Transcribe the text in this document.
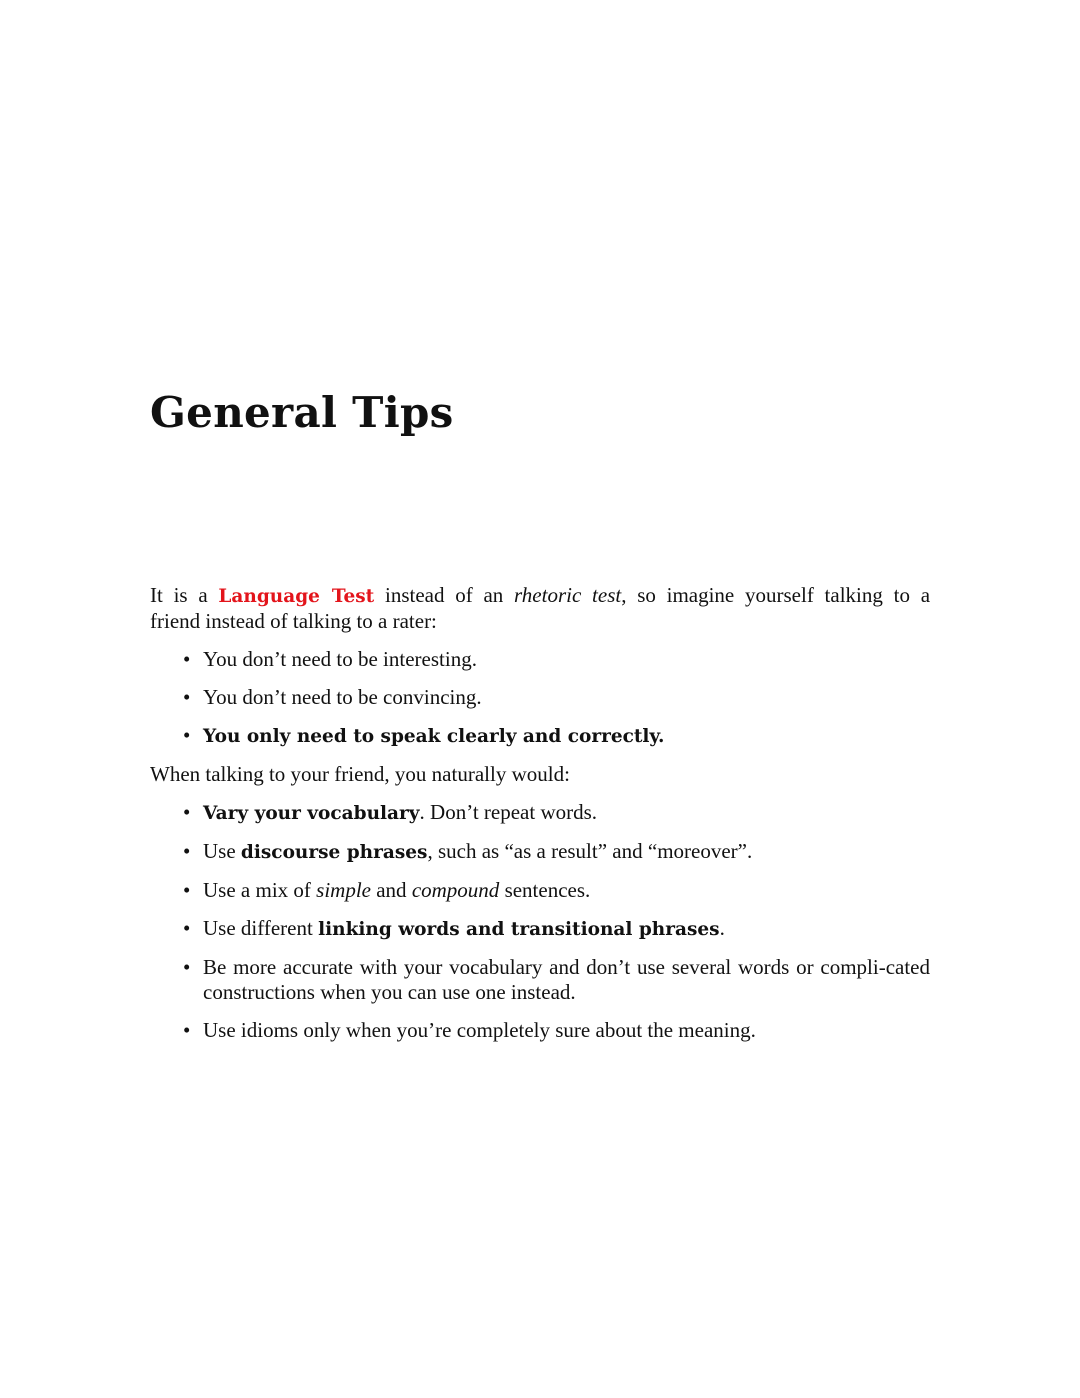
General Tips

It is a Language Test instead of an rhetoric test, so imagine yourself talking to a
friend instead of talking to a rater:

• You don’t need to be interesting.
• You don’t need to be convincing.
• You only need to speak clearly and correctly.

When talking to your friend, you naturally would:

• Vary your vocabulary. Don’t repeat words.
• Use discourse phrases, such as “as a result” and “moreover”.
• Use a mix of simple and compound sentences.
• Use different linking words and transitional phrases.
• Be more accurate with your vocabulary and don’t use several words or compli-cated constructions when you can use one instead.
• Use idioms only when you’re completely sure about the meaning.
